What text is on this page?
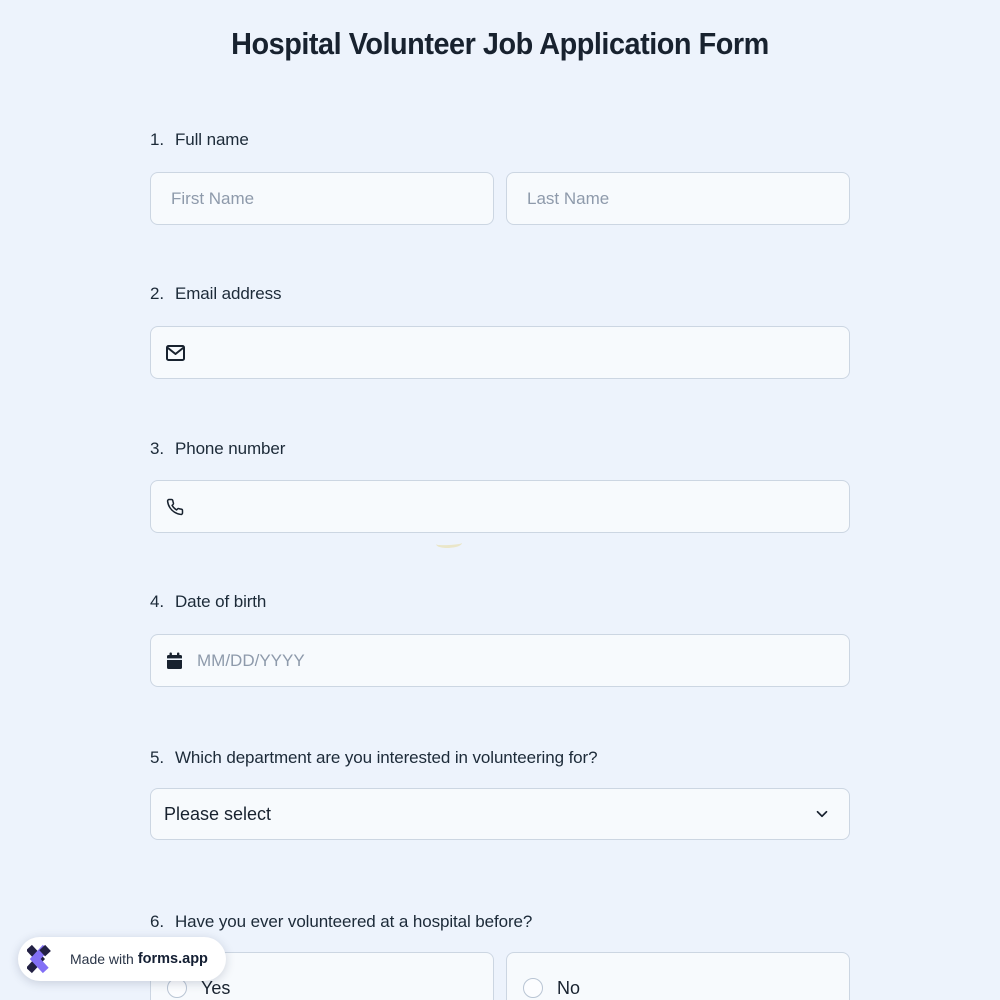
Hospital Volunteer Job Application Form
1. Full name
First Name
Last Name
2. Email address
3. Phone number
4. Date of birth
MM/DD/YYYY
5. Which department are you interested in volunteering for?
Please select
6. Have you ever volunteered at a hospital before?
Yes	No
Made with forms.app
